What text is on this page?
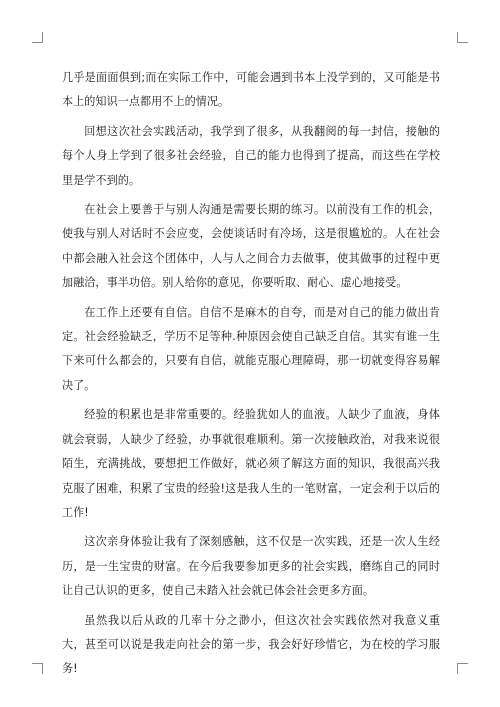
几乎是面面俱到;而在实际工作中，可能会遇到书本上没学到的，又可能是书本上的知识一点都用不上的情况。

回想这次社会实践活动，我学到了很多，从我翻阅的每一封信，接触的每个人身上学到了很多社会经验，自己的能力也得到了提高，而这些在学校里是学不到的。

在社会上要善于与别人沟通是需要长期的练习。以前没有工作的机会，使我与别人对话时不会应变，会使谈话时有冷场，这是很尴尬的。人在社会中都会融入社会这个团体中，人与人之间合力去做事，使其做事的过程中更加融洽，事半功倍。别人给你的意见，你要听取、耐心、虚心地接受。

在工作上还要有自信。自信不是麻木的自夸，而是对自己的能力做出肯定。社会经验缺乏，学历不足等种.种原因会使自己缺乏自信。其实有谁一生下来可什么都会的，只要有自信，就能克服心理障碍，那一切就变得容易解决了。

经验的积累也是非常重要的。经验犹如人的血液。人缺少了血液，身体就会衰弱，人缺少了经验，办事就很难顺利。第一次接触政治，对我来说很陌生，充满挑战，要想把工作做好，就必须了解这方面的知识，我很高兴我克服了困难，积累了宝贵的经验!这是我人生的一笔财富，一定会利于以后的工作!

这次亲身体验让我有了深刻感触，这不仅是一次实践，还是一次人生经历，是一生宝贵的财富。在今后我要参加更多的社会实践，磨练自己的同时让自己认识的更多，使自己未踏入社会就已体会社会更多方面。

虽然我以后从政的几率十分之渺小，但这次社会实践依然对我意义重大，甚至可以说是我走向社会的第一步，我会好好珍惜它，为在校的学习服务!
